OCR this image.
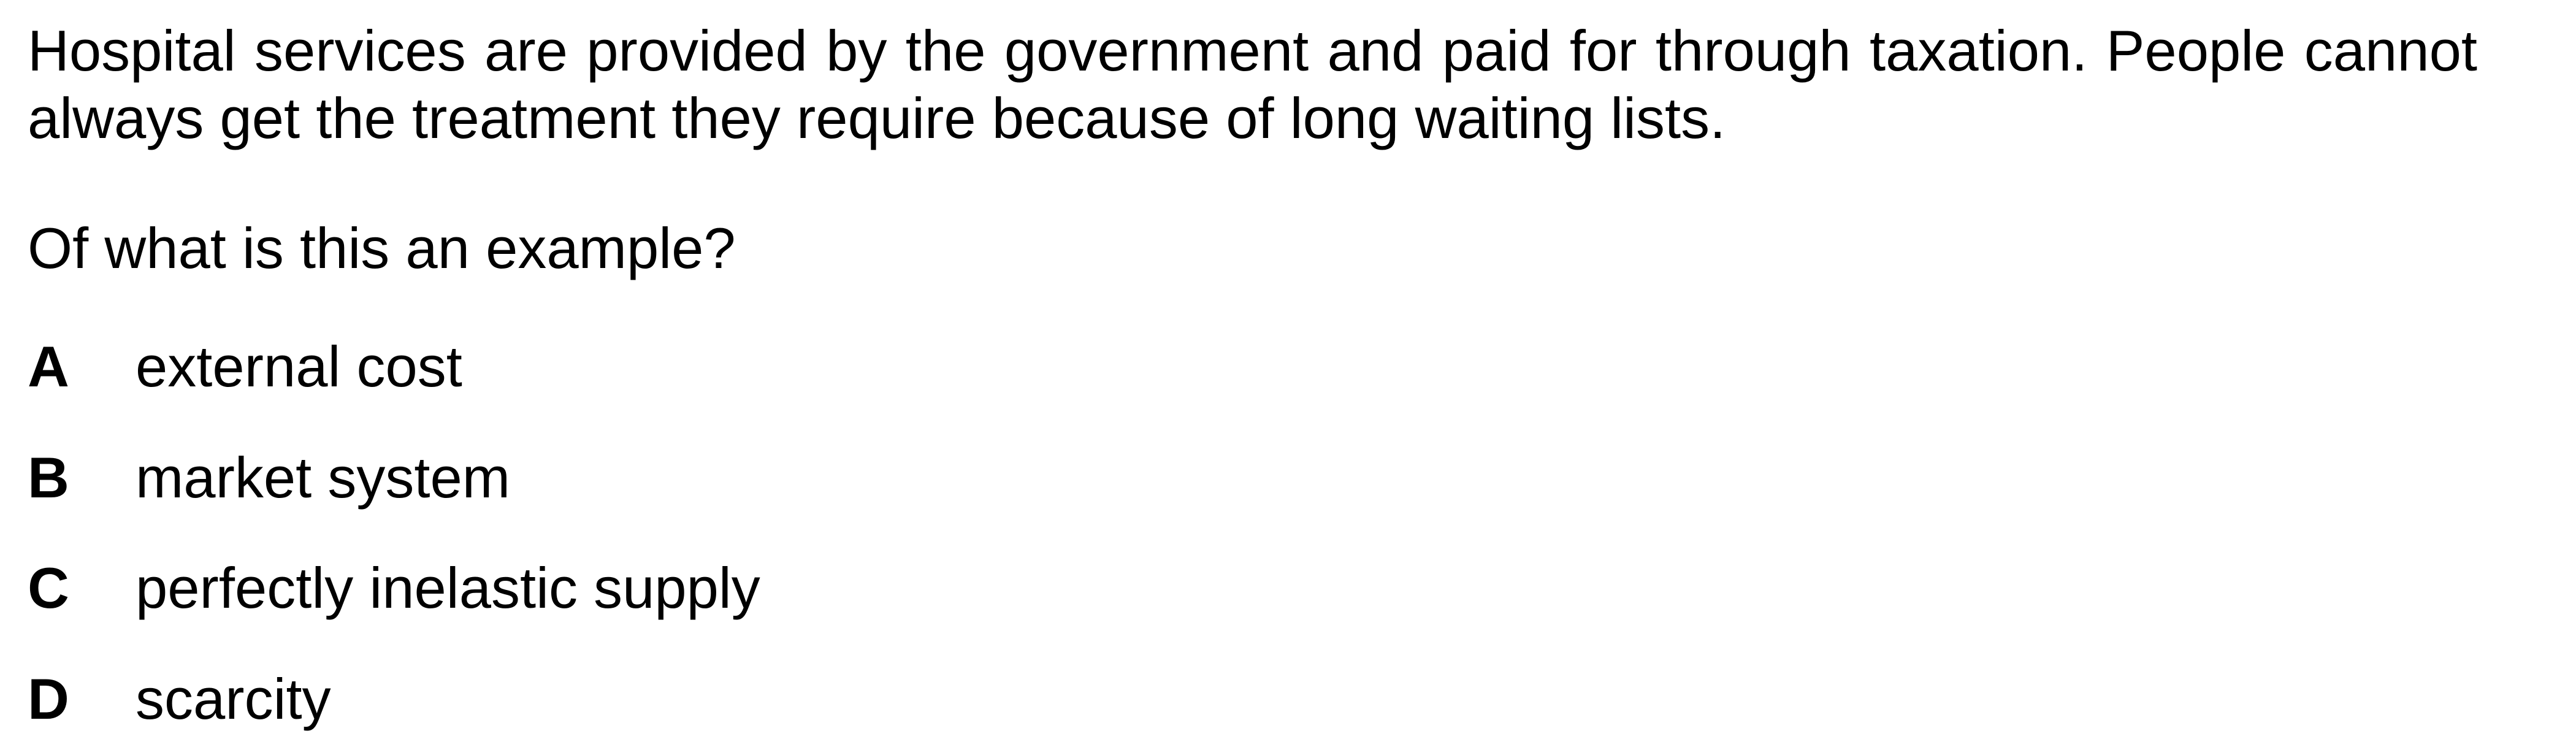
Hospital services are provided by the government and paid for through taxation. People cannot
always get the treatment they require because of long waiting lists.
Of what is this an example?
A external cost
B market system
C perfectly inelastic supply
D scarcity
